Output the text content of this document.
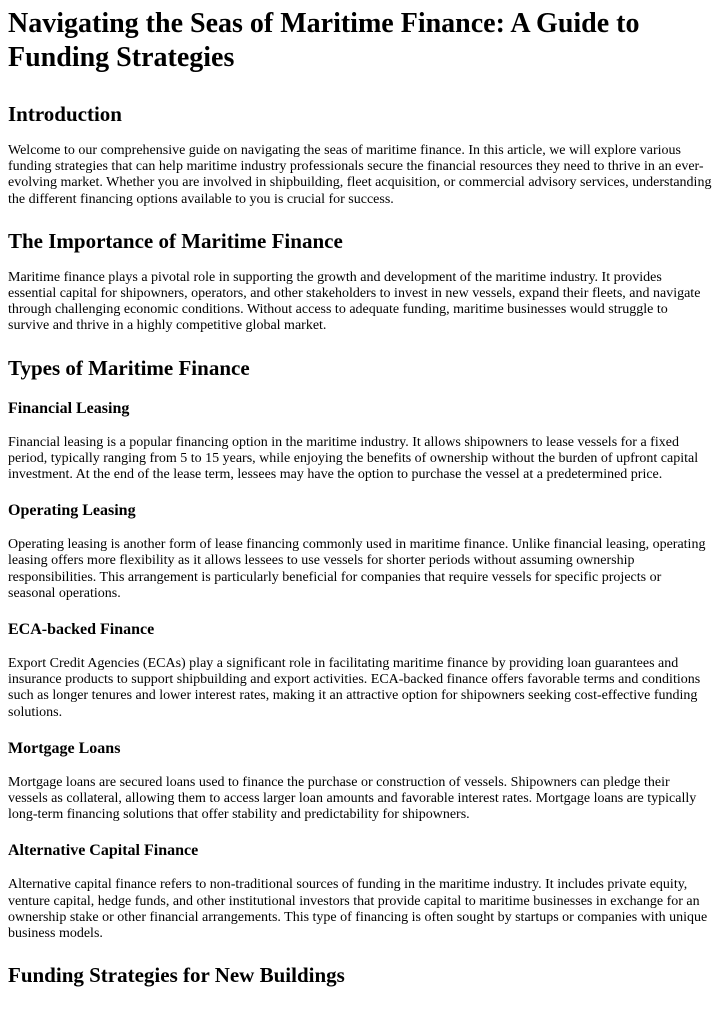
Navigating the Seas of Maritime Finance: A Guide to Funding Strategies
Introduction

Welcome to our comprehensive guide on navigating the seas of maritime finance. In this article, we will explore various funding strategies that can help maritime industry professionals secure the financial resources they need to thrive in an ever-evolving market. Whether you are involved in shipbuilding, fleet acquisition, or commercial advisory services, understanding the different financing options available to you is crucial for success.

The Importance of Maritime Finance

Maritime finance plays a pivotal role in supporting the growth and development of the maritime industry. It provides essential capital for shipowners, operators, and other stakeholders to invest in new vessels, expand their fleets, and navigate through challenging economic conditions. Without access to adequate funding, maritime businesses would struggle to survive and thrive in a highly competitive global market.

Types of Maritime Finance
Financial Leasing

Financial leasing is a popular financing option in the maritime industry. It allows shipowners to lease vessels for a fixed period, typically ranging from 5 to 15 years, while enjoying the benefits of ownership without the burden of upfront capital investment. At the end of the lease term, lessees may have the option to purchase the vessel at a predetermined price.

Operating Leasing

Operating leasing is another form of lease financing commonly used in maritime finance. Unlike financial leasing, operating leasing offers more flexibility as it allows lessees to use vessels for shorter periods without assuming ownership responsibilities. This arrangement is particularly beneficial for companies that require vessels for specific projects or seasonal operations.

ECA-backed Finance

Export Credit Agencies (ECAs) play a significant role in facilitating maritime finance by providing loan guarantees and insurance products to support shipbuilding and export activities. ECA-backed finance offers favorable terms and conditions such as longer tenures and lower interest rates, making it an attractive option for shipowners seeking cost-effective funding solutions.

Mortgage Loans

Mortgage loans are secured loans used to finance the purchase or construction of vessels. Shipowners can pledge their vessels as collateral, allowing them to access larger loan amounts and favorable interest rates. Mortgage loans are typically long-term financing solutions that offer stability and predictability for shipowners.

Alternative Capital Finance

Alternative capital finance refers to non-traditional sources of funding in the maritime industry. It includes private equity, venture capital, hedge funds, and other institutional investors that provide capital to maritime businesses in exchange for an ownership stake or other financial arrangements. This type of financing is often sought by startups or companies with unique business models.

Funding Strategies for New Buildings
